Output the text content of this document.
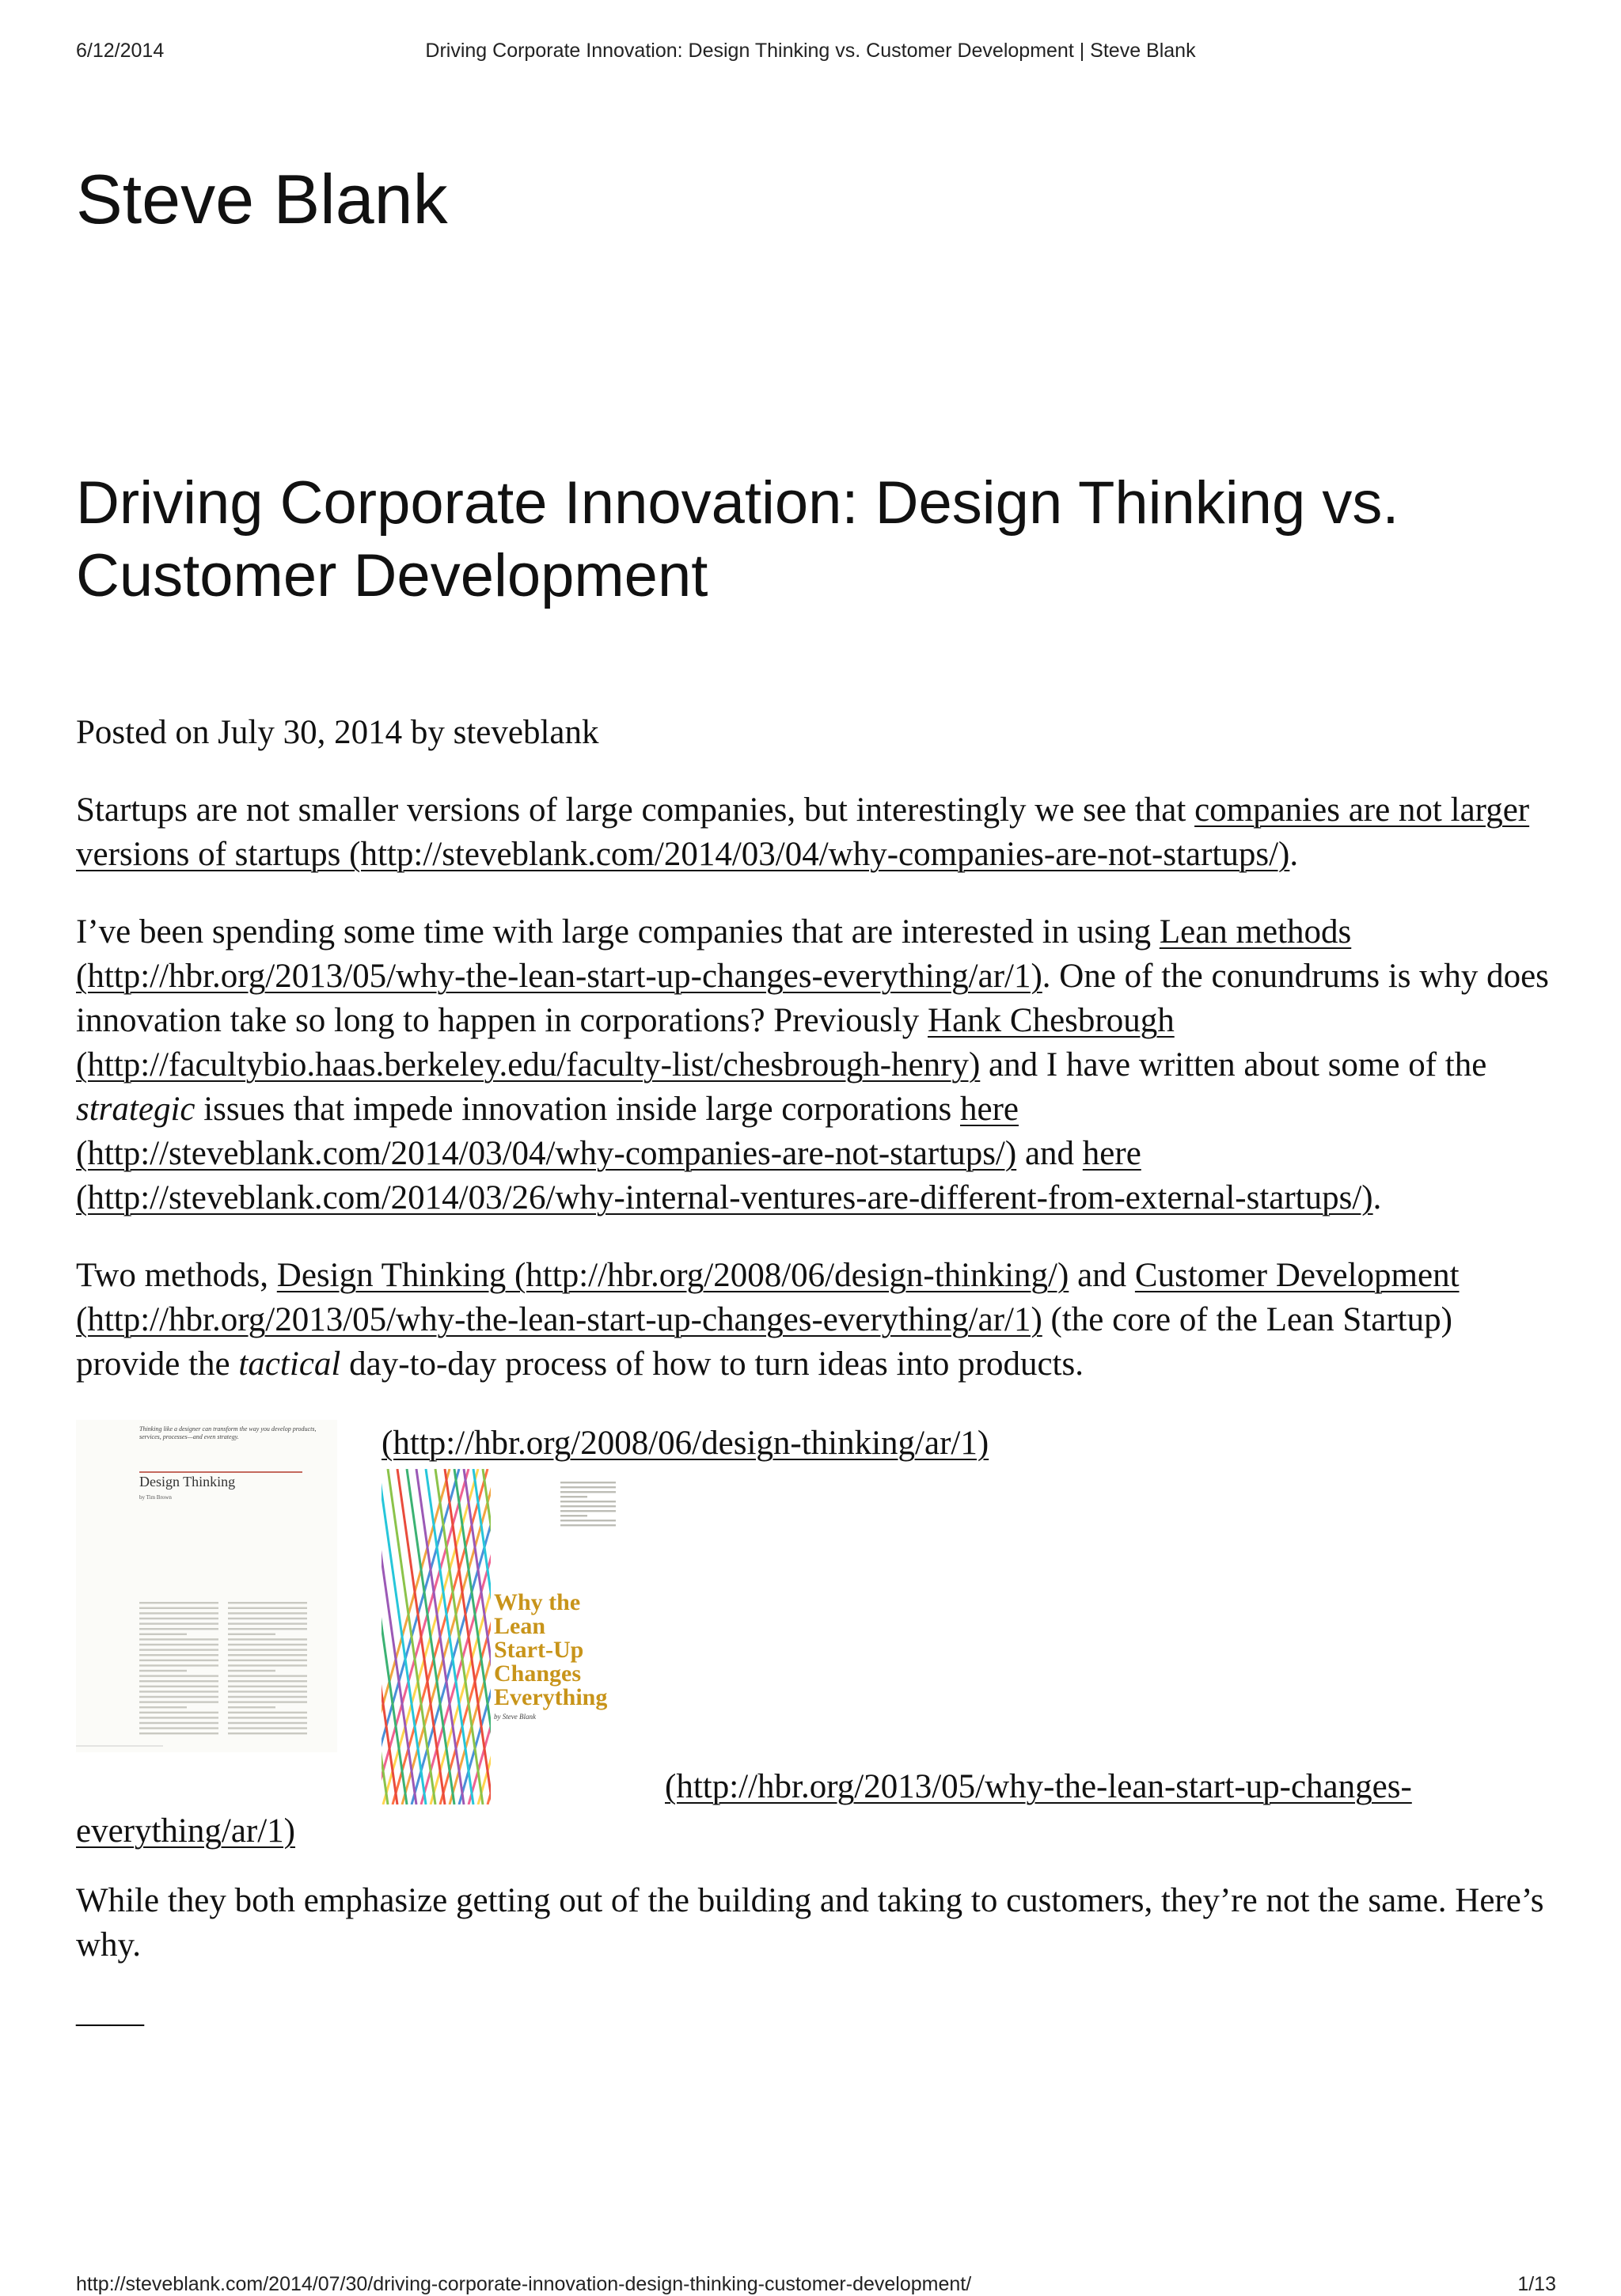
6/12/2014	Driving Corporate Innovation: Design Thinking vs. Customer Development | Steve Blank
Steve Blank
Driving Corporate Innovation: Design Thinking vs. Customer Development

Posted on July 30, 2014 by steveblank

Startups are not smaller versions of large companies, but interestingly we see that companies are not larger versions of startups (http://steveblank.com/2014/03/04/why-companies-are-not-startups/).

I’ve been spending some time with large companies that are interested in using Lean methods (http://hbr.org/2013/05/why-the-lean-start-up-changes-everything/ar/1). One of the conundrums is why does innovation take so long to happen in corporations? Previously Hank Chesbrough (http://facultybio.haas.berkeley.edu/faculty-list/chesbrough-henry) and I have written about some of the strategic issues that impede innovation inside large corporations here (http://steveblank.com/2014/03/04/why-companies-are-not-startups/) and here (http://steveblank.com/2014/03/26/why-internal-ventures-are-different-from-external-startups/).

Two methods, Design Thinking (http://hbr.org/2008/06/design-thinking/) and Customer Development (http://hbr.org/2013/05/why-the-lean-start-up-changes-everything/ar/1) (the core of the Lean Startup) provide the tactical day-to-day process of how to turn ideas into products.

Thinking like a designer can transform the way you develop products,
services, processes—and even strategy.
Design Thinking
by Tim Brown
(http://hbr.org/2008/06/design-thinking/ar/1)
Why the
Lean
Start-Up
Changes
Everything
by Steve Blank
(http://hbr.org/2013/05/why-the-lean-start-up-changes-everything/ar/1)

While they both emphasize getting out of the building and taking to customers, they’re not the same. Here’s why.

——

http://steveblank.com/2014/07/30/driving-corporate-innovation-design-thinking-customer-development/	1/13
